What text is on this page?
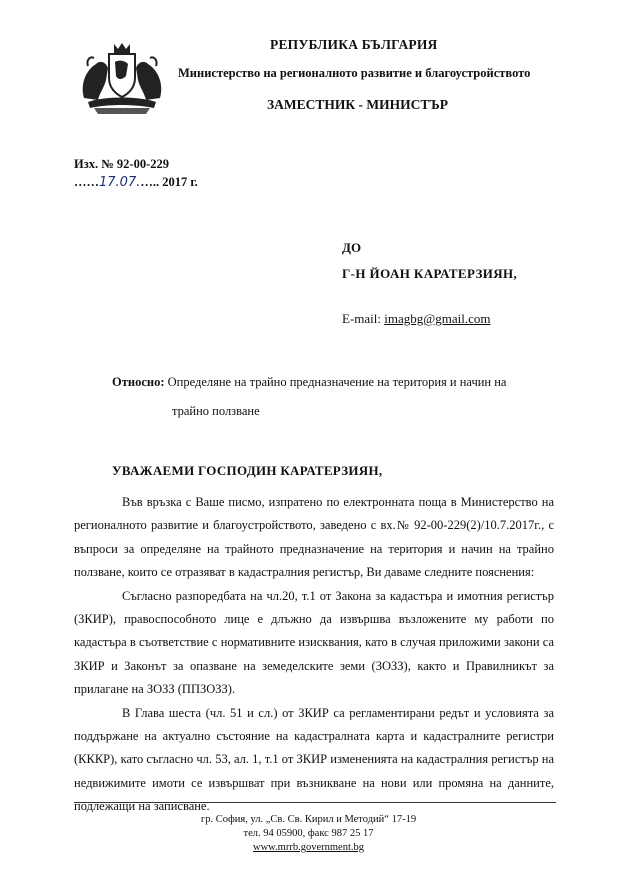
РЕПУБЛИКА БЪЛГАРИЯ
Министерство на регионалното развитие и благоустройството
ЗАМЕСТНИК - МИНИСТЪР
Изх. № 92-00-229
……17.07.….. 2017 г.
ДО
Г-Н ЙОАН КАРАТЕРЗИЯН,
E-mail: imagbg@gmail.com
Относно: Определяне на трайно предназначение на територия и начин на
трайно ползване
УВАЖАЕМИ ГОСПОДИН КАРАТЕРЗИЯН,

Във връзка с Ваше писмо, изпратено по електронната поща в Министерство на регионалното развитие и благоустройството, заведено с вх.№ 92-00-229(2)/10.7.2017г., с въпроси за определяне на трайното предназначение на територия и начин на трайно ползване, които се отразяват в кадастралния регистър, Ви даваме следните пояснения:

Съгласно разпоредбата на чл.20, т.1 от Закона за кадастъра и имотния регистър (ЗКИР), правоспособното лице е длъжно да извършва възложените му работи по кадастъра в съответствие с нормативните изисквания, като в случая приложими закони са ЗКИР и Законът за опазване на земеделските земи (ЗОЗЗ), както и Правилникът за прилагане на ЗОЗЗ (ППЗОЗЗ).

В Глава шеста (чл. 51 и сл.) от ЗКИР са регламентирани редът и условията за поддържане на актуално състояние на кадастралната карта и кадастралните регистри (КККР), като съгласно чл. 53, ал. 1, т.1 от ЗКИР измененията на кадастралния регистър на недвижимите имоти се извършват при възникване на нови или промяна на данните, подлежащи на записване.

гр. София, ул. „Св. Св. Кирил и Методий“ 17-19
тел. 94 05900, факс 987 25 17
www.mrrb.government.bg
